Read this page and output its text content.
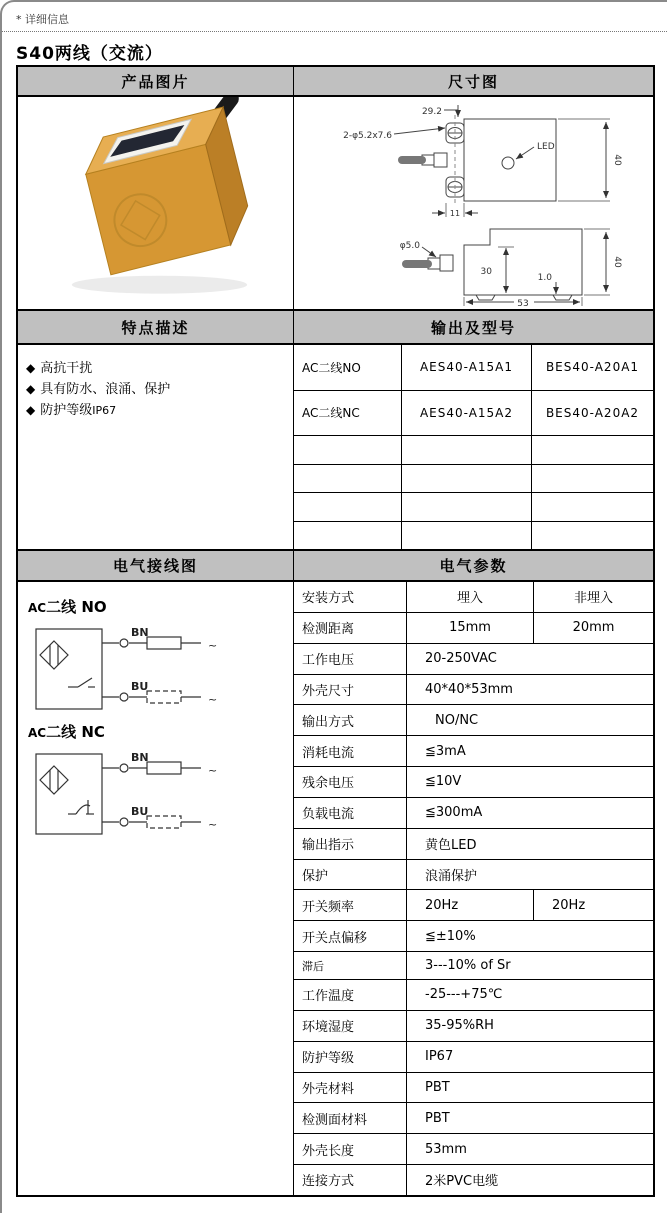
* 详细信息
S40两线（交流）
产品图片	尺寸图
29.2
2-φ5.2x7.6
LED
40
11
φ5.0
30
1.0
40
53
特点描述	输出及型号
◆ 高抗干扰
◆ 具有防水、浪涌、保护
◆ 防护等级IP67
AC二线NO	AES40-A15A1	BES40-A20A1
AC二线NC	AES40-A15A2	BES40-A20A2
电气接线图	电气参数
AC二线 NO
BN
BU
~
~
AC二线 NC
BN
BU
~
~
安装方式	埋入	非埋入
检测距离	15mm	20mm
工作电压	20-250VAC
外壳尺寸	40*40*53mm
输出方式	NO/NC
消耗电流	≦3mA
残余电压	≦10V
负载电流	≦300mA
输出指示	黄色LED
保护	浪涌保护
开关频率	20Hz	20Hz
开关点偏移	≦±10%
滞后	3---10% of Sr
工作温度	-25---+75℃
环境湿度	35-95%RH
防护等级	IP67
外壳材料	PBT
检测面材料	PBT
外壳长度	53mm
连接方式	2米PVC电缆
